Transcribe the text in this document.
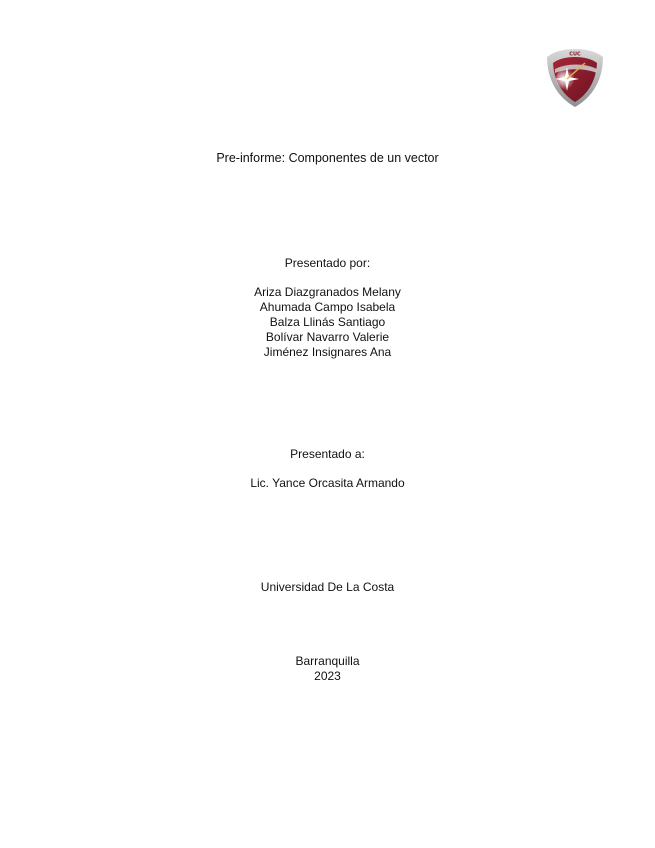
CUC
Pre-informe: Componentes de un vector
Presentado por:
Ariza Diazgranados Melany
Ahumada Campo Isabela
Balza Llinás Santiago
Bolívar Navarro Valerie
Jiménez Insignares Ana
Presentado a:
Lic. Yance Orcasita Armando
Universidad De La Costa
Barranquilla
2023
